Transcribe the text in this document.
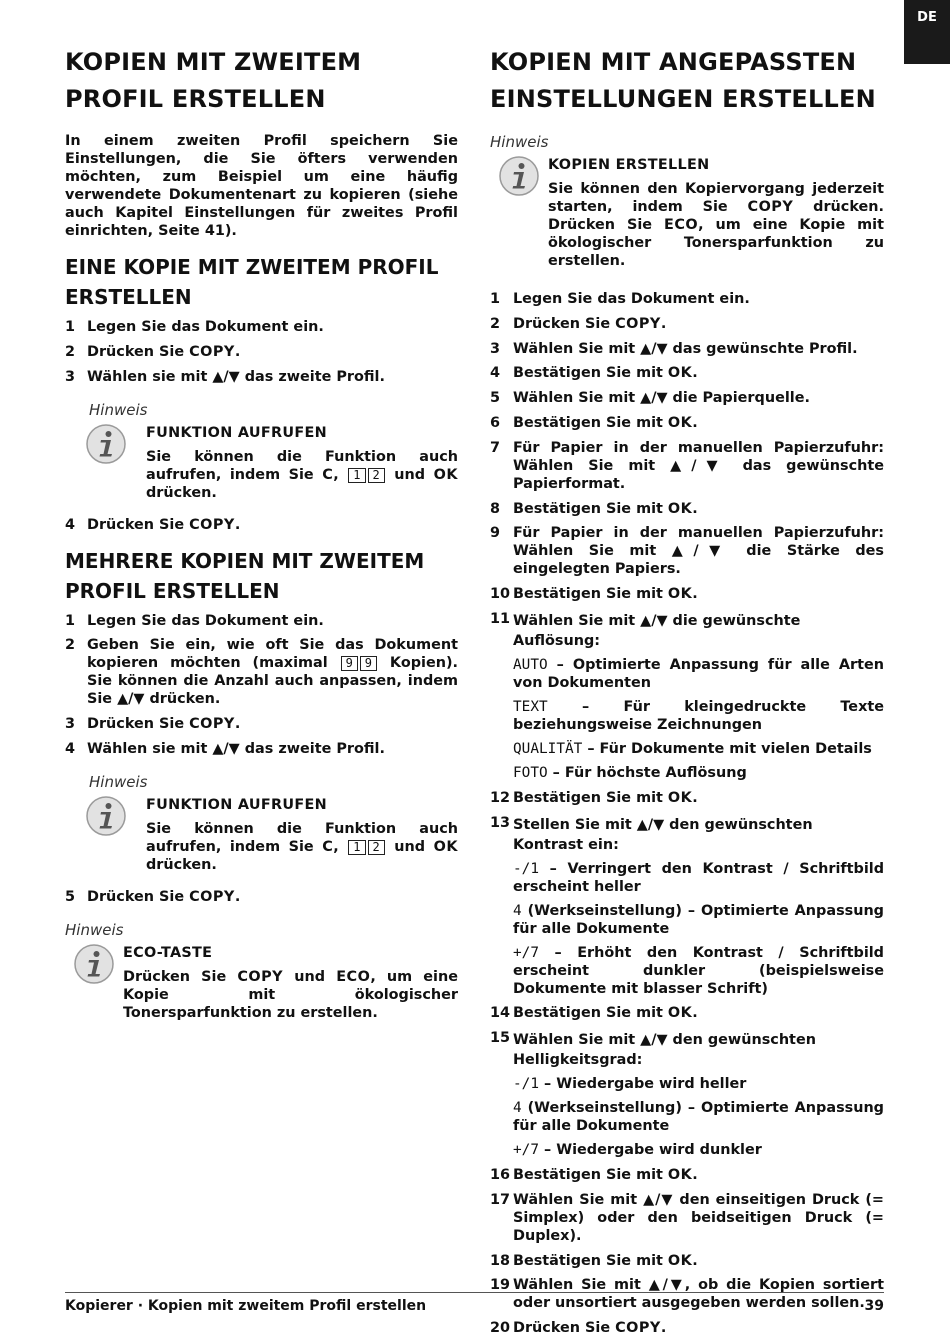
DE
KOPIEN MIT ZWEITEM PROFIL ERSTELLEN

In einem zweiten Profil speichern Sie Einstellungen, die Sie öfters verwenden möchten, zum Beispiel um eine häufig verwendete Dokumentenart zu kopieren (siehe auch Kapitel Einstellungen für zweites Profil einrichten, Seite 41).

EINE KOPIE MIT ZWEITEM PROFIL ERSTELLEN
1 Legen Sie das Dokument ein.
2 Drücken Sie COPY.
3 Wählen sie mit ▲/▼ das zweite Profil.
Hinweis
FUNKTION AUFRUFEN
Sie können die Funktion auch aufrufen, indem Sie C, 1 2 und OK drücken.
4 Drücken Sie COPY.
MEHRERE KOPIEN MIT ZWEITEM PROFIL ERSTELLEN
1 Legen Sie das Dokument ein.
2 Geben Sie ein, wie oft Sie das Dokument kopieren möchten (maximal 9 9 Kopien). Sie können die Anzahl auch anpassen, indem Sie ▲/▼ drücken.
3 Drücken Sie COPY.
4 Wählen sie mit ▲/▼ das zweite Profil.
Hinweis
FUNKTION AUFRUFEN
Sie können die Funktion auch aufrufen, indem Sie C, 1 2 und OK drücken.
5 Drücken Sie COPY.
Hinweis
ECO-TASTE
Drücken Sie COPY und ECO, um eine Kopie mit ökologischer Tonersparfunktion zu erstellen.
KOPIEN MIT ANGEPASSTEN EINSTELLUNGEN ERSTELLEN
Hinweis
KOPIEN ERSTELLEN
Sie können den Kopiervorgang jederzeit starten, indem Sie COPY drücken. Drücken Sie ECO, um eine Kopie mit ökologischer Tonersparfunktion zu erstellen.
1 Legen Sie das Dokument ein.
2 Drücken Sie COPY.
3 Wählen Sie mit ▲/▼ das gewünschte Profil.
4 Bestätigen Sie mit OK.
5 Wählen Sie mit ▲/▼ die Papierquelle.
6 Bestätigen Sie mit OK.
7 Für Papier in der manuellen Papierzufuhr: Wählen Sie mit ▲/▼ das gewünschte Papierformat.
8 Bestätigen Sie mit OK.
9 Für Papier in der manuellen Papierzufuhr: Wählen Sie mit ▲/▼ die Stärke des eingelegten Papiers.
10 Bestätigen Sie mit OK.
11 Wählen Sie mit ▲/▼ die gewünschte Auflösung:
AUTO – Optimierte Anpassung für alle Arten von Dokumenten
TEXT – Für kleingedruckte Texte beziehungsweise Zeichnungen
QUALITÄT – Für Dokumente mit vielen Details
FOTO – Für höchste Auflösung
12 Bestätigen Sie mit OK.
13 Stellen Sie mit ▲/▼ den gewünschten Kontrast ein:
-/1 – Verringert den Kontrast / Schriftbild erscheint heller
4 (Werkseinstellung) – Optimierte Anpassung für alle Dokumente
+/7 – Erhöht den Kontrast / Schriftbild erscheint dunkler (beispielsweise Dokumente mit blasser Schrift)
14 Bestätigen Sie mit OK.
15 Wählen Sie mit ▲/▼ den gewünschten Helligkeitsgrad:
-/1 – Wiedergabe wird heller
4 (Werkseinstellung) – Optimierte Anpassung für alle Dokumente
+/7 – Wiedergabe wird dunkler
16 Bestätigen Sie mit OK.
17 Wählen Sie mit ▲/▼ den einseitigen Druck (= Simplex) oder den beidseitigen Druck (= Duplex).
18 Bestätigen Sie mit OK.
19 Wählen Sie mit ▲/▼, ob die Kopien sortiert oder unsortiert ausgegeben werden sollen.
20 Drücken Sie COPY.
Kopierer · Kopien mit zweitem Profil erstellen	39
